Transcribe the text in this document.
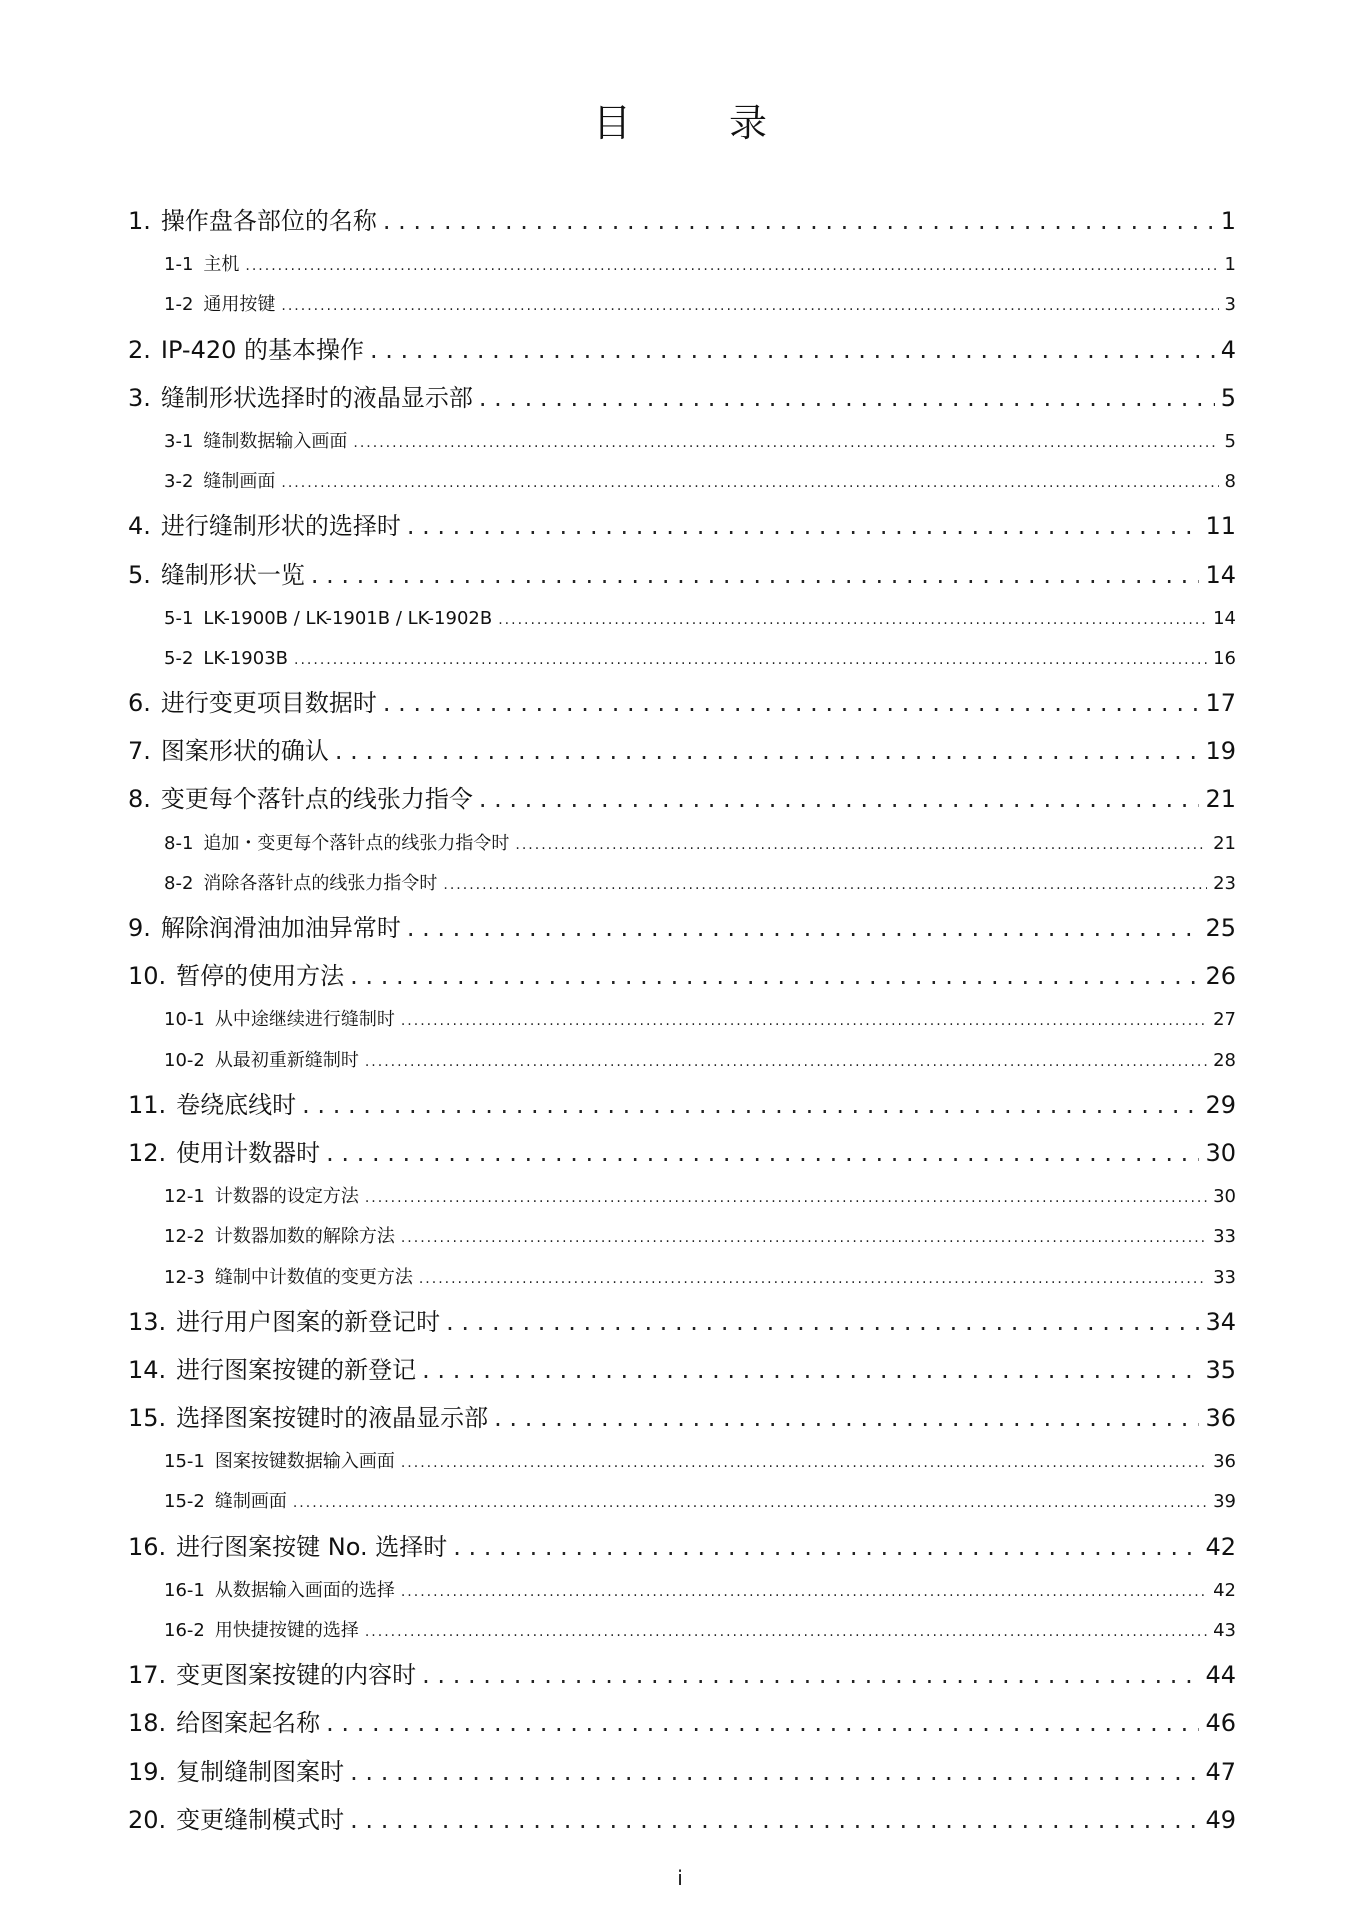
目　录
1. 操作盘各部位的名称 . . .	1
1-1 主机 .....	1
1-2 通用按键 .....	3
2. IP-420 的基本操作 . . .	4
3. 缝制形状选择时的液晶显示部 . . .	5
3-1 缝制数据输入画面 .....	5
3-2 缝制画面 .....	8
4. 进行缝制形状的选择时 . . .	11
5. 缝制形状一览 . . .	14
5-1 LK-1900B / LK-1901B / LK-1902B .....	14
5-2 LK-1903B .....	16
6. 进行变更项目数据时 . . .	17
7. 图案形状的确认 . . .	19
8. 变更每个落针点的线张力指令 . . .	21
8-1 追加・变更每个落针点的线张力指令时 .....	21
8-2 消除各落针点的线张力指令时 .....	23
9. 解除润滑油加油异常时 . . .	25
10. 暂停的使用方法 . . .	26
10-1 从中途继续进行缝制时 .....	27
10-2 从最初重新缝制时 .....	28
11. 卷绕底线时 . . .	29
12. 使用计数器时 . . .	30
12-1 计数器的设定方法 .....	30
12-2 计数器加数的解除方法 .....	33
12-3 缝制中计数值的变更方法 .....	33
13. 进行用户图案的新登记时 . . .	34
14. 进行图案按键的新登记 . . .	35
15. 选择图案按键时的液晶显示部 . . .	36
15-1 图案按键数据输入画面 .....	36
15-2 缝制画面 .....	39
16. 进行图案按键 No. 选择时 . . .	42
16-1 从数据输入画面的选择 .....	42
16-2 用快捷按键的选择 .....	43
17. 变更图案按键的内容时 . . .	44
18. 给图案起名称 . . .	46
19. 复制缝制图案时 . . .	47
20. 变更缝制模式时 . . .	49
i
